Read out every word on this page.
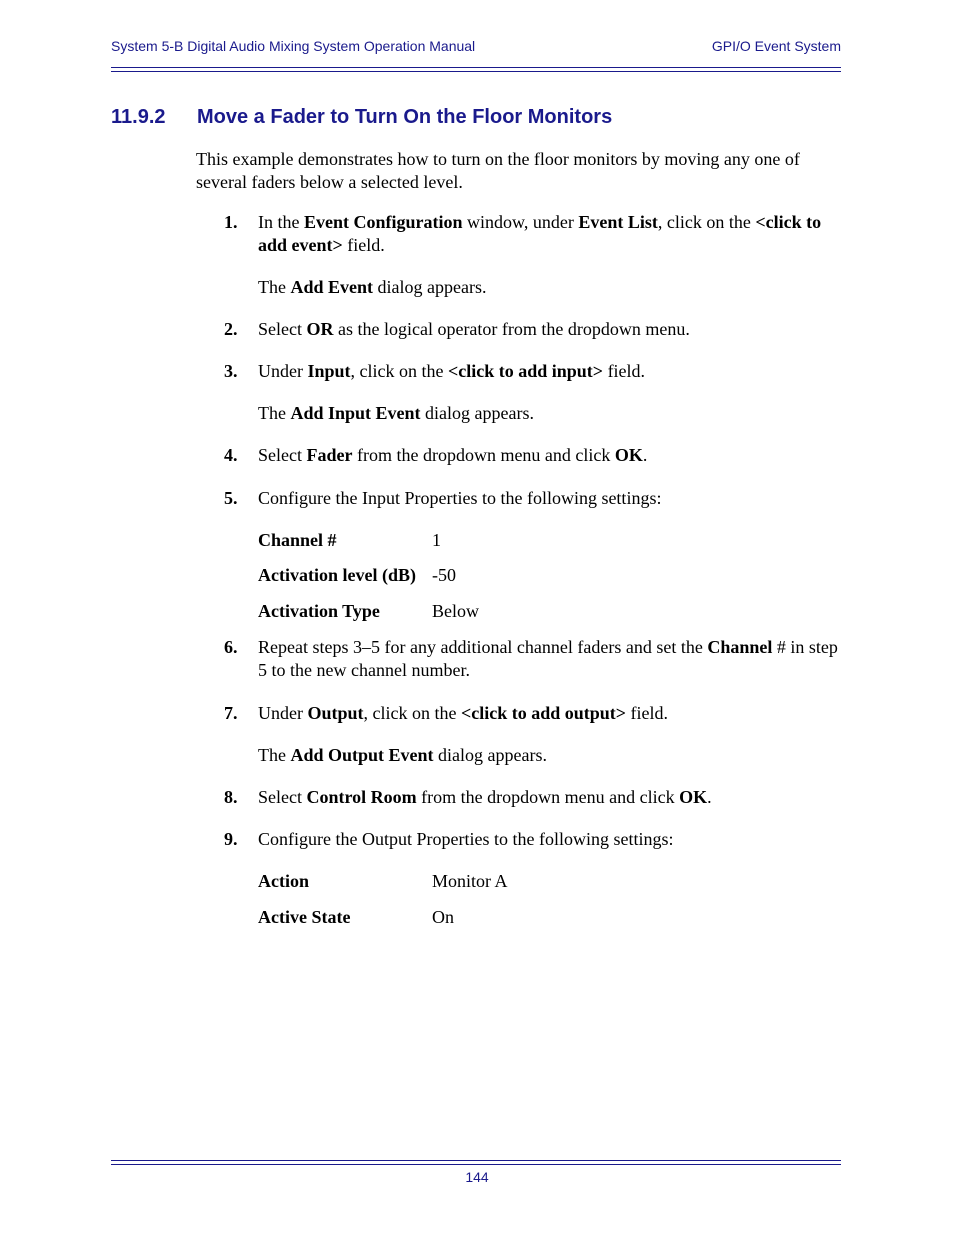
System 5-B Digital Audio Mixing System Operation Manual	GPI/O Event System
11.9.2 Move a Fader to Turn On the Floor Monitors
This example demonstrates how to turn on the floor monitors by moving any one of several faders below a selected level.
1. In the Event Configuration window, under Event List, click on the <click to add event> field.
The Add Event dialog appears.
2. Select OR as the logical operator from the dropdown menu.
3. Under Input, click on the <click to add input> field.
The Add Input Event dialog appears.
4. Select Fader from the dropdown menu and click OK.
5. Configure the Input Properties to the following settings:
Channel #	1
Activation level (dB) -50
Activation Type	Below
6. Repeat steps 3–5 for any additional channel faders and set the Channel # in step 5 to the new channel number.
7. Under Output, click on the <click to add output> field.
The Add Output Event dialog appears.
8. Select Control Room from the dropdown menu and click OK.
9. Configure the Output Properties to the following settings:
Action	Monitor A
Active State	On
144
